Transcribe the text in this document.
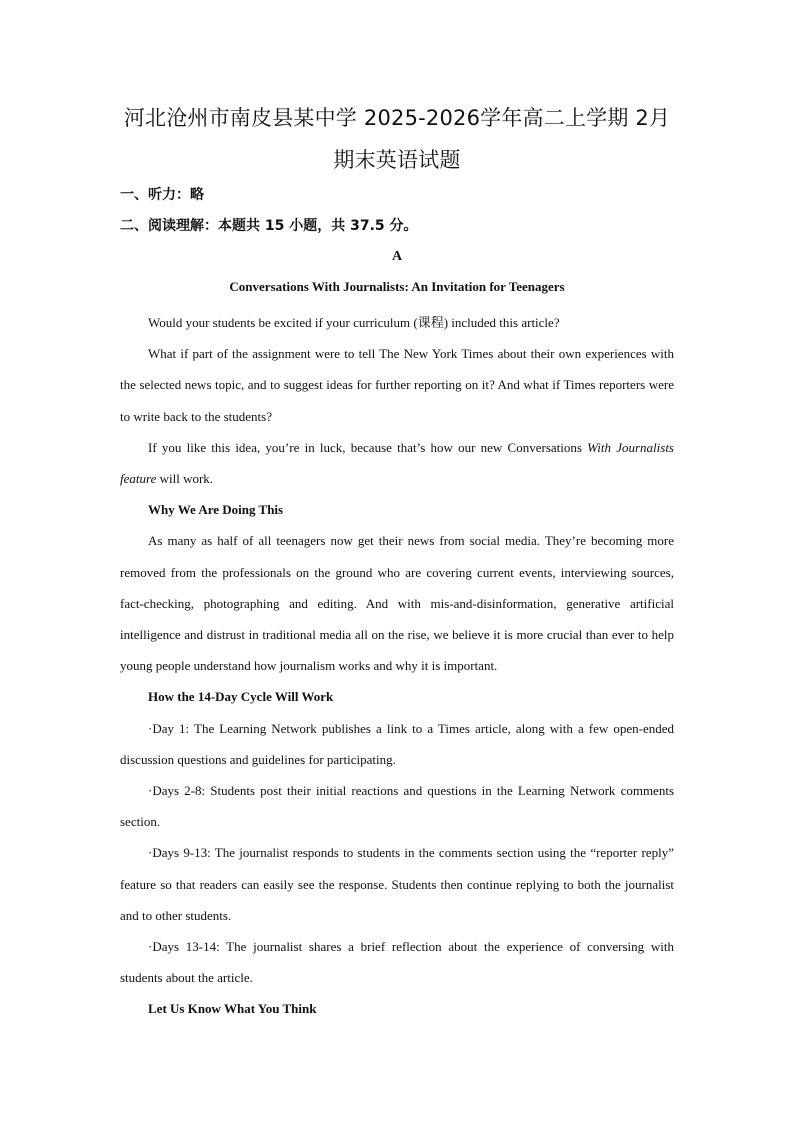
河北沧州市南皮县某中学 2025-2026学年高二上学期 2月
期末英语试题
一、听力：略
二、阅读理解：本题共 15 小题，共 37.5 分。
A
Conversations With Journalists: An Invitation for Teenagers

Would your students be excited if your curriculum (课程) included this article?

What if part of the assignment were to tell The New York Times about their own experiences with the selected news topic, and to suggest ideas for further reporting on it? And what if Times reporters were to write back to the students?

If you like this idea, you’re in luck, because that’s how our new Conversations With Journalists feature will work.

Why We Are Doing This

As many as half of all teenagers now get their news from social media. They’re becoming more removed from the professionals on the ground who are covering current events, interviewing sources, fact-checking, photographing and editing. And with mis-and-disinformation, generative artificial intelligence and distrust in traditional media all on the rise, we believe it is more crucial than ever to help young people understand how journalism works and why it is important.

How the 14-Day Cycle Will Work

·Day 1: The Learning Network publishes a link to a Times article, along with a few open-ended discussion questions and guidelines for participating.

·Days 2-8: Students post their initial reactions and questions in the Learning Network comments section.

·Days 9-13: The journalist responds to students in the comments section using the “reporter reply” feature so that readers can easily see the response. Students then continue replying to both the journalist and to other students.

·Days 13-14: The journalist shares a brief reflection about the experience of conversing with students about the article.

Let Us Know What You Think
